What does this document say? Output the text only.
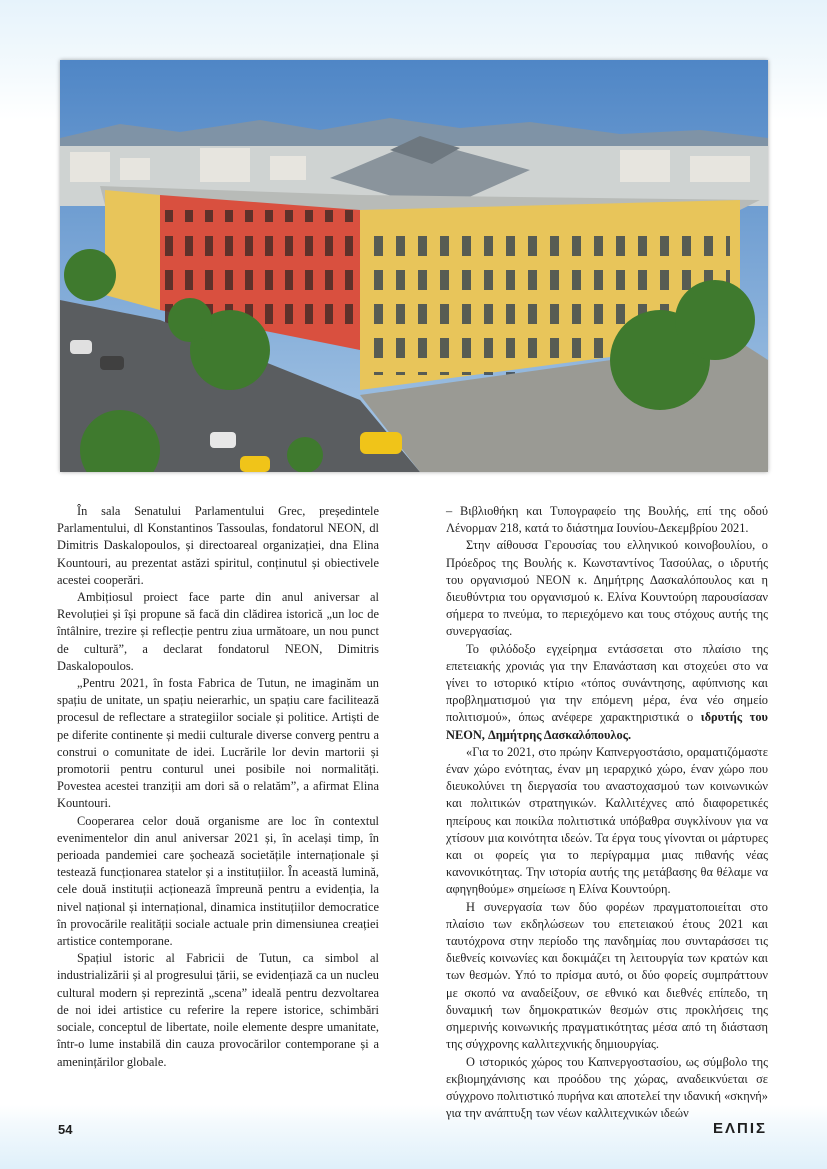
În sala Senatului Parlamentului Grec, președintele Parlamentului, dl Konstantinos Tassoulas, fondatorul NEON, dl Dimitris Daskalopoulos, și directoareal organizației, dna Elina Kountouri, au prezentat astăzi spiritul, conținutul și obiectivele acestei cooperări.

Ambițiosul proiect face parte din anul aniversar al Revoluției și își propune să facă din clădirea istorică „un loc de întâlnire, trezire și reflecție pentru ziua următoare, un nou punct de cultură”, a declarat fondatorul NEON, Dimitris Daskalopoulos.

„Pentru 2021, în fosta Fabrica de Tutun, ne imaginăm un spațiu de unitate, un spațiu neierarhic, un spațiu care facilitează procesul de reflectare a strategiilor sociale și politice. Artiști de pe diferite continente și medii culturale diverse converg pentru a construi o comunitate de idei. Lucrările lor devin martorii și promotorii pentru conturul unei posibile noi normalități. Povestea acestei tranziții am dori să o relatăm”, a afirmat Elina Kountouri.

Cooperarea celor două organisme are loc în contextul evenimentelor din anul aniversar 2021 și, în același timp, în perioada pandemiei care șochează societățile internaționale și testează funcționarea statelor și a instituțiilor. În această lumină, cele două instituții acționează împreună pentru a evidenția, la nivel național și internațional, dinamica instituțiilor democratice în provocările realității sociale actuale prin dimensiunea creației artistice contemporane.

Spațiul istoric al Fabricii de Tutun, ca simbol al industrializării și al progresului țării, se evidențiază ca un nucleu cultural modern și reprezintă „scena” ideală pentru dezvoltarea de noi idei artistice cu referire la repere istorice, schimbări sociale, conceptul de libertate, noile elemente despre umanitate, într-o lume instabilă din cauza provocărilor contemporane și a amenințărilor globale.

– Βιβλιοθήκη και Τυπογραφείο της Βουλής, επί της οδού Λένορμαν 218, κατά το διάστημα Ιουνίου-Δεκεμβρίου 2021.

Στην αίθουσα Γερουσίας του ελληνικού κοινοβουλίου, ο Πρόεδρος της Βουλής κ. Κωνσταντίνος Τασούλας, ο ιδρυτής του οργανισμού NEON κ. Δημήτρης Δασκαλόπουλος και η διευθύντρια του οργανισμού κ. Ελίνα Κουντούρη παρουσίασαν σήμερα το πνεύμα, το περιεχόμενο και τους στόχους αυτής της συνεργασίας.

Το φιλόδοξο εγχείρημα εντάσσεται στο πλαίσιο της επετειακής χρονιάς για την Επανάσταση και στοχεύει στο να γίνει το ιστορικό κτίριο «τόπος συνάντησης, αφύπνισης και προβληματισμού για την επόμενη μέρα, ένα νέο σημείο πολιτισμού», όπως ανέφερε χαρακτηριστικά ο ιδρυτής του NEON, Δημήτρης Δασκαλόπουλος.

«Για το 2021, στο πρώην Καπνεργοστάσιο, οραματιζόμαστε έναν χώρο ενότητας, έναν μη ιεραρχικό χώρο, έναν χώρο που διευκολύνει τη διεργασία του αναστοχασμού των κοινωνικών και πολιτικών στρατηγικών. Καλλιτέχνες από διαφορετικές ηπείρους και ποικίλα πολιτιστικά υπόβαθρα συγκλίνουν για να χτίσουν μια κοινότητα ιδεών. Τα έργα τους γίνονται οι μάρτυρες και οι φορείς για το περίγραμμα μιας πιθανής νέας κανονικότητας. Την ιστορία αυτής της μετάβασης θα θέλαμε να αφηγηθούμε» σημείωσε η Ελίνα Κουντούρη.

Η συνεργασία των δύο φορέων πραγματοποιείται στο πλαίσιο των εκδηλώσεων του επετειακού έτους 2021 και ταυτόχρονα στην περίοδο της πανδημίας που συνταράσσει τις διεθνείς κοινωνίες και δοκιμάζει τη λειτουργία των κρατών και των θεσμών. Υπό το πρίσμα αυτό, οι δύο φορείς συμπράττουν με σκοπό να αναδείξουν, σε εθνικό και διεθνές επίπεδο, τη δυναμική των δημοκρατικών θεσμών στις προκλήσεις της σημερινής κοινωνικής πραγματικότητας μέσα από τη διάσταση της σύγχρονης καλλιτεχνικής δημιουργίας.

Ο ιστορικός χώρος του Καπνεργοστασίου, ως σύμβολο της εκβιομηχάνισης και προόδου της χώρας, αναδεικνύεται σε σύγχρονο πολιτιστικό πυρήνα και αποτελεί την ιδανική «σκηνή» για την ανάπτυξη των νέων καλλιτεχνικών ιδεών

54	ΕΛΠΙΣ
